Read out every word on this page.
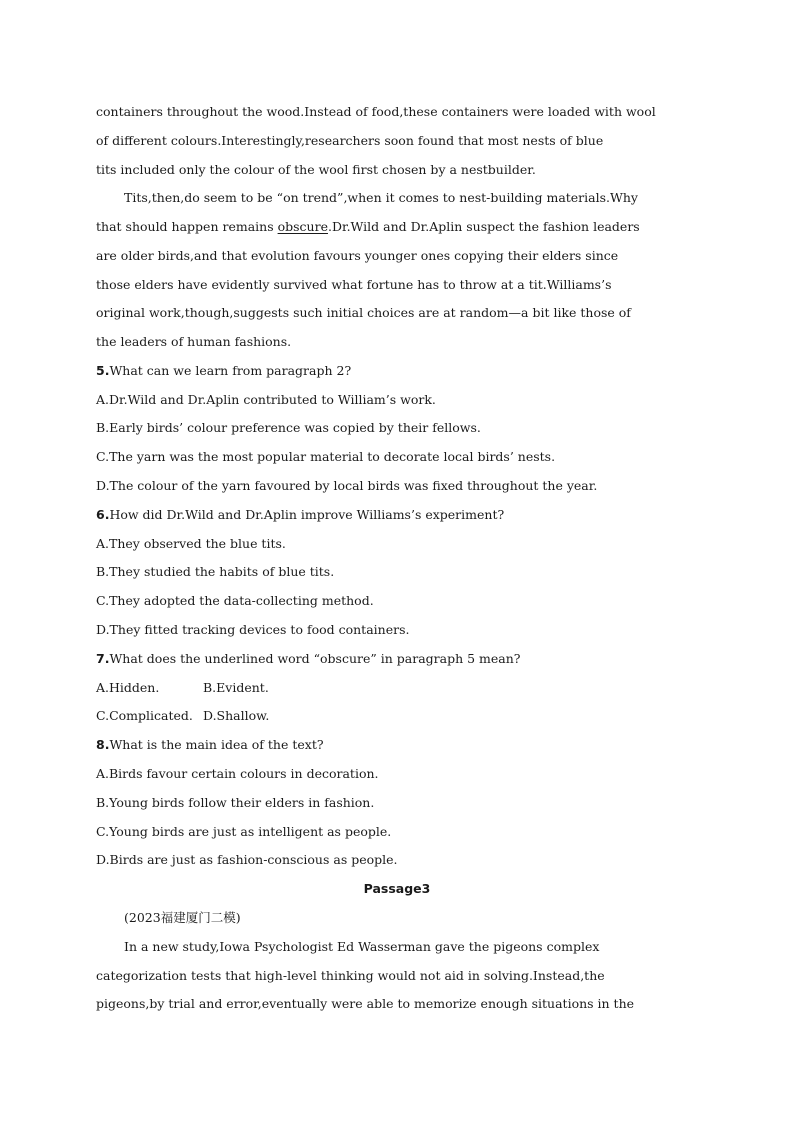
containers throughout the wood.Instead of food,these containers were loaded with wool
of different colours.Interestingly,researchers soon found that most nests of blue
tits included only the colour of the wool first chosen by a nestbuilder.
Tits,then,do seem to be “on trend”,when it comes to nest-building materials.Why
that should happen remains obscure.Dr.Wild and Dr.Aplin suspect the fashion leaders
are older birds,and that evolution favours younger ones copying their elders since
those elders have evidently survived what fortune has to throw at a tit.Williams’s
original work,though,suggests such initial choices are at random—a bit like those of
the leaders of human fashions.
5.What can we learn from paragraph 2?
A.Dr.Wild and Dr.Aplin contributed to William’s work.
B.Early birds’ colour preference was copied by their fellows.
C.The yarn was the most popular material to decorate local birds’ nests.
D.The colour of the yarn favoured by local birds was fixed throughout the year.
6.How did Dr.Wild and Dr.Aplin improve Williams’s experiment?
A.They observed the blue tits.
B.They studied the habits of blue tits.
C.They adopted the data-collecting method.
D.They fitted tracking devices to food containers.
7.What does the underlined word “obscure” in paragraph 5 mean?
A.Hidden.	B.Evident.
C.Complicated. D.Shallow.
8.What is the main idea of the text?
A.Birds favour certain colours in decoration.
B.Young birds follow their elders in fashion.
C.Young birds are just as intelligent as people.
D.Birds are just as fashion-conscious as people.
Passage3
(2023福建厦门二模)
In a new study,Iowa Psychologist Ed Wasserman gave the pigeons complex
categorization tests that high-level thinking would not aid in solving.Instead,the
pigeons,by trial and error,eventually were able to memorize enough situations in the
